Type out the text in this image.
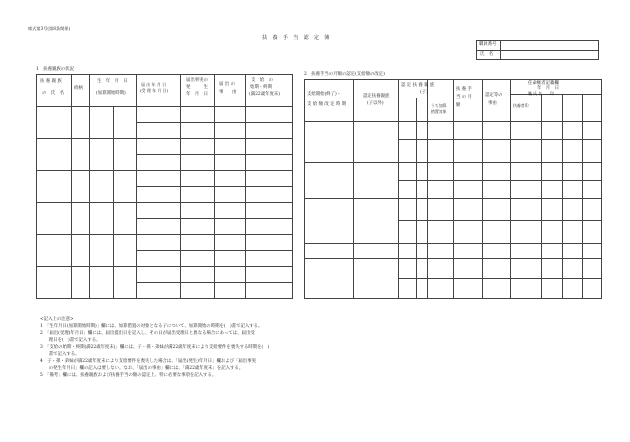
様式第3号(第8条関係)
扶　養　手　当　認　定　簿
職員番号
氏　名
1　扶養親族の状況
扶 養 親 族
の　氏　名
続柄
生　年　月　日
(加算開始時期)
届 出 年 月 日
(受 理 年 月 日)
届出事実の
発　　　生
年　月　日
届 出 の
事　　由
支　給　の
始期・終期
(満22歳年度末)
2　扶養手当の月額の認定(支給額の改定)
支給開始(終了)・
支 給 額 改 定 時 期
認定扶養親族
(子以外)
認 定 扶 養 親 族
(子)
うち加算
措置対象
扶 養 手
当 の 月
額
認定等の
事由
任命権者記載欄
年　月　日
職 氏 名　　印
扶養者印
<記入上の注意>
1　「生年月日(加算開始時期)」欄には、加算措置の対象となる子について、加算開始の時期を(　)書で記入する。
2　「届出(受理)年月日」欄には、届出提出日を記入し、その日が届出受理日と異なる場合にあっては、届出受
　　理日を(　)書で記入する。
3　「支給の始期・終期(満22歳年度末)」欄には、子・孫・弟妹が満22歳年度末により支給要件を喪失する時期を(　)
　　書で記入する。
4　子・孫・弟妹が満22歳年度末により支給要件を喪失した場合は、「届出(発生)年月日」欄および「届出事実
　　の発生年月日」欄の記入は要しない。なお、「届出の事由」欄には、「満22歳年度末」を記入する。
5　「備考」欄には、扶養親族および扶養手当の額の認定上、特に必要な事項を記入する。
